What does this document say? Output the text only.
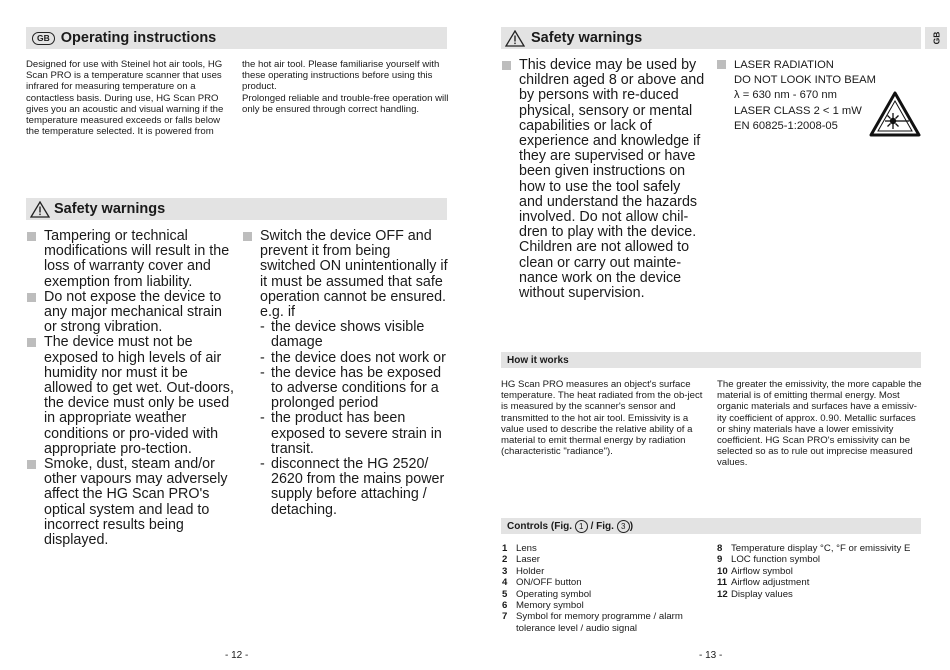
GB Operating instructions
Designed for use with Steinel hot air tools, HG Scan PRO is a temperature scanner that uses infrared for measuring temperature on a contactless basis. During use, HG Scan PRO gives you an acoustic and visual warning if the temperature measured exceeds or falls below the temperature selected. It is powered from
the hot air tool. Please familiarise yourself with these operating instructions before using this product.
Prolonged reliable and trouble-free operation will only be ensured through correct handling.
Safety warnings
Tampering or technical modifications will result in the loss of warranty cover and exemption from liability.
Do not expose the device to any major mechanical strain or strong vibration.
The device must not be exposed to high levels of air humidity nor must it be allowed to get wet. Out-doors, the device must only be used in appropriate weather conditions or pro-vided with appropriate pro-tection.
Smoke, dust, steam and/or other vapours may adversely affect the HG Scan PRO's optical system and lead to incorrect results being displayed.
Switch the device OFF and prevent it from being switched ON unintentionally if it must be assumed that safe operation cannot be ensured. e.g. if
- the device shows visible damage
- the device does not work or
- the device has be exposed to adverse conditions for a prolonged period
- the product has been exposed to severe strain in transit.
- disconnect the HG 2520/ 2620 from the mains power supply before attaching / detaching.
- 12 -
Safety warnings	GB
This device may be used by children aged 8 or above and by persons with re-duced physical, sensory or mental capabilities or lack of experience and knowledge if they are supervised or have been given instructions on how to use the tool safely and understand the hazards involved. Do not allow chil-dren to play with the device. Children are not allowed to clean or carry out mainte-nance work on the device without supervision.
LASER RADIATION
DO NOT LOOK INTO BEAM
λ = 630 nm - 670 nm
LASER CLASS 2 < 1 mW
EN 60825-1:2008-05
How it works
HG Scan PRO measures an object's surface temperature. The heat radiated from the ob-ject is measured by the scanner's sensor and transmitted to the hot air tool. Emissivity is a value used to describe the relative ability of a material to emit thermal energy by radiation (characteristic "radiance").
The greater the emissivity, the more capable the material is of emitting thermal energy. Most organic materials and surfaces have a emissiv-ity coefficient of approx. 0.90. Metallic surfaces or shiny materials have a lower emissivity coefficient. HG Scan PRO's emissivity can be selected so as to rule out imprecise measured values.
Controls (Fig.
1
/ Fig.
3 )
1 Lens
2 Laser
3 Holder
4 ON/OFF button
5 Operating symbol
6 Memory symbol
7 Symbol for memory programme / alarm tolerance level / audio signal
8 Temperature display °C, °F or emissivity E
9 LOC function symbol
10 Airflow symbol
11 Airflow adjustment
12 Display values
- 13 -
